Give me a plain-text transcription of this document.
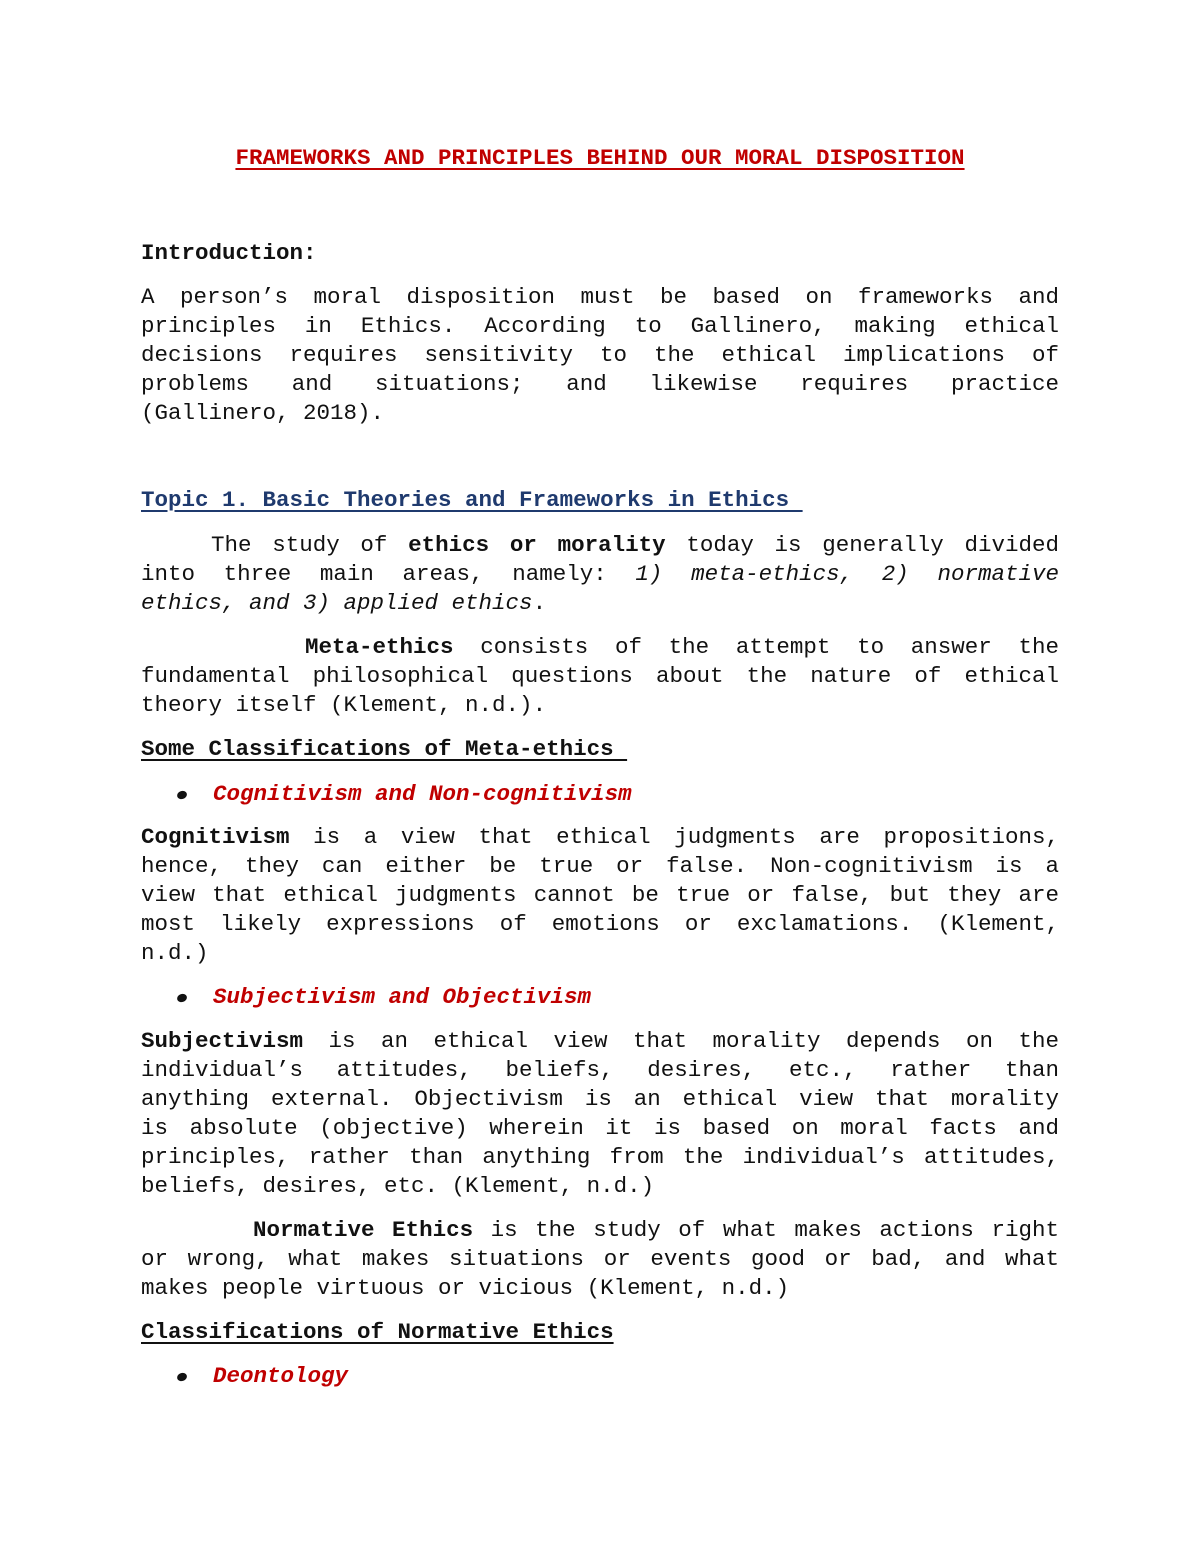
FRAMEWORKS AND PRINCIPLES BEHIND OUR MORAL DISPOSITION
Introduction:
A person’s moral disposition must be based on frameworks and
principles in Ethics. According to Gallinero, making ethical
decisions requires sensitivity to the ethical implications of
problems and situations; and likewise requires practice
(Gallinero, 2018).
Topic 1. Basic Theories and Frameworks in Ethics
The study of ethics or morality today is generally divided
into three main areas, namely: 1) meta-ethics, 2) normative
ethics, and 3) applied ethics.
Meta-ethics consists of the attempt to answer the
fundamental philosophical questions about the nature of ethical
theory itself (Klement, n.d.).
Some Classifications of Meta-ethics

Cognitivism and Non-cognitivism

Cognitivism is a view that ethical judgments are propositions,
hence, they can either be true or false. Non-cognitivism is a
view that ethical judgments cannot be true or false, but they are
most likely expressions of emotions or exclamations. (Klement,
n.d.)

Subjectivism and Objectivism

Subjectivism is an ethical view that morality depends on the
individual’s attitudes, beliefs, desires, etc., rather than
anything external. Objectivism is an ethical view that morality
is absolute (objective) wherein it is based on moral facts and
principles, rather than anything from the individual’s attitudes,
beliefs, desires, etc. (Klement, n.d.)
Normative Ethics is the study of what makes actions right
or wrong, what makes situations or events good or bad, and what
makes people virtuous or vicious (Klement, n.d.)
Classifications of Normative Ethics

Deontology
